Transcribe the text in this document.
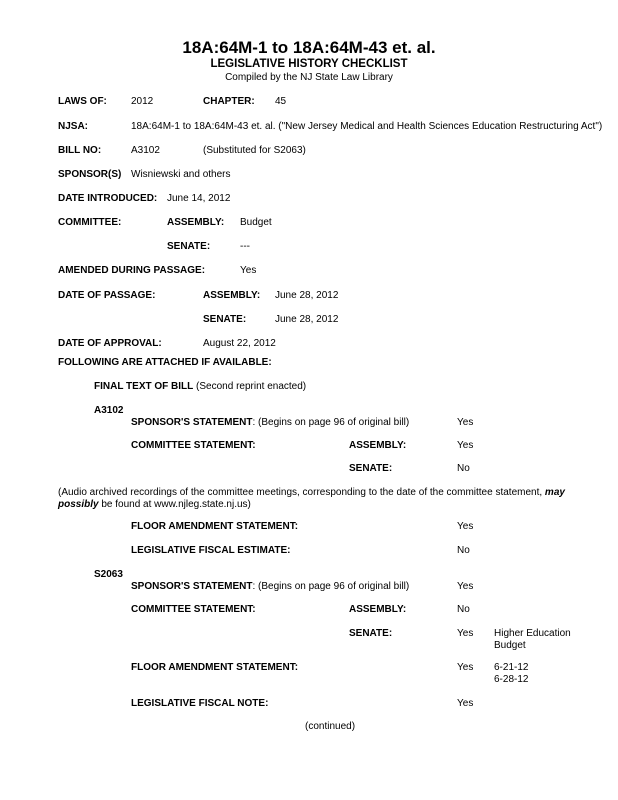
18A:64M-1 to 18A:64M-43 et. al.
LEGISLATIVE HISTORY CHECKLIST
Compiled by the NJ State Law Library
LAWS OF: 2012	CHAPTER: 45
NJSA:	18A:64M-1 to 18A:64M-43 et. al. ("New Jersey Medical and Health Sciences Education Restructuring Act")
BILL NO:	A3102	(Substituted for S2063)
SPONSOR(S) Wisniewski and others
DATE INTRODUCED: June 14, 2012
COMMITTEE:	ASSEMBLY: Budget
SENATE:	---
AMENDED DURING PASSAGE:	Yes
DATE OF PASSAGE:	ASSEMBLY: June 28, 2012
SENATE:	June 28, 2012
DATE OF APPROVAL:	August 22, 2012
FOLLOWING ARE ATTACHED IF AVAILABLE:
FINAL TEXT OF BILL (Second reprint enacted)
A3102
SPONSOR'S STATEMENT: (Begins on page 96 of original bill)	Yes
COMMITTEE STATEMENT:	ASSEMBLY:	Yes
SENATE:	No
(Audio archived recordings of the committee meetings, corresponding to the date of the committee statement, may possibly be found at www.njleg.state.nj.us)
FLOOR AMENDMENT STATEMENT:	Yes
LEGISLATIVE FISCAL ESTIMATE:	No
S2063
SPONSOR'S STATEMENT: (Begins on page 96 of original bill)	Yes
COMMITTEE STATEMENT:	ASSEMBLY:	No
SENATE:	Yes Higher Education
Budget
FLOOR AMENDMENT STATEMENT:	Yes 6-21-12
6-28-12
LEGISLATIVE FISCAL NOTE:	Yes
(continued)
